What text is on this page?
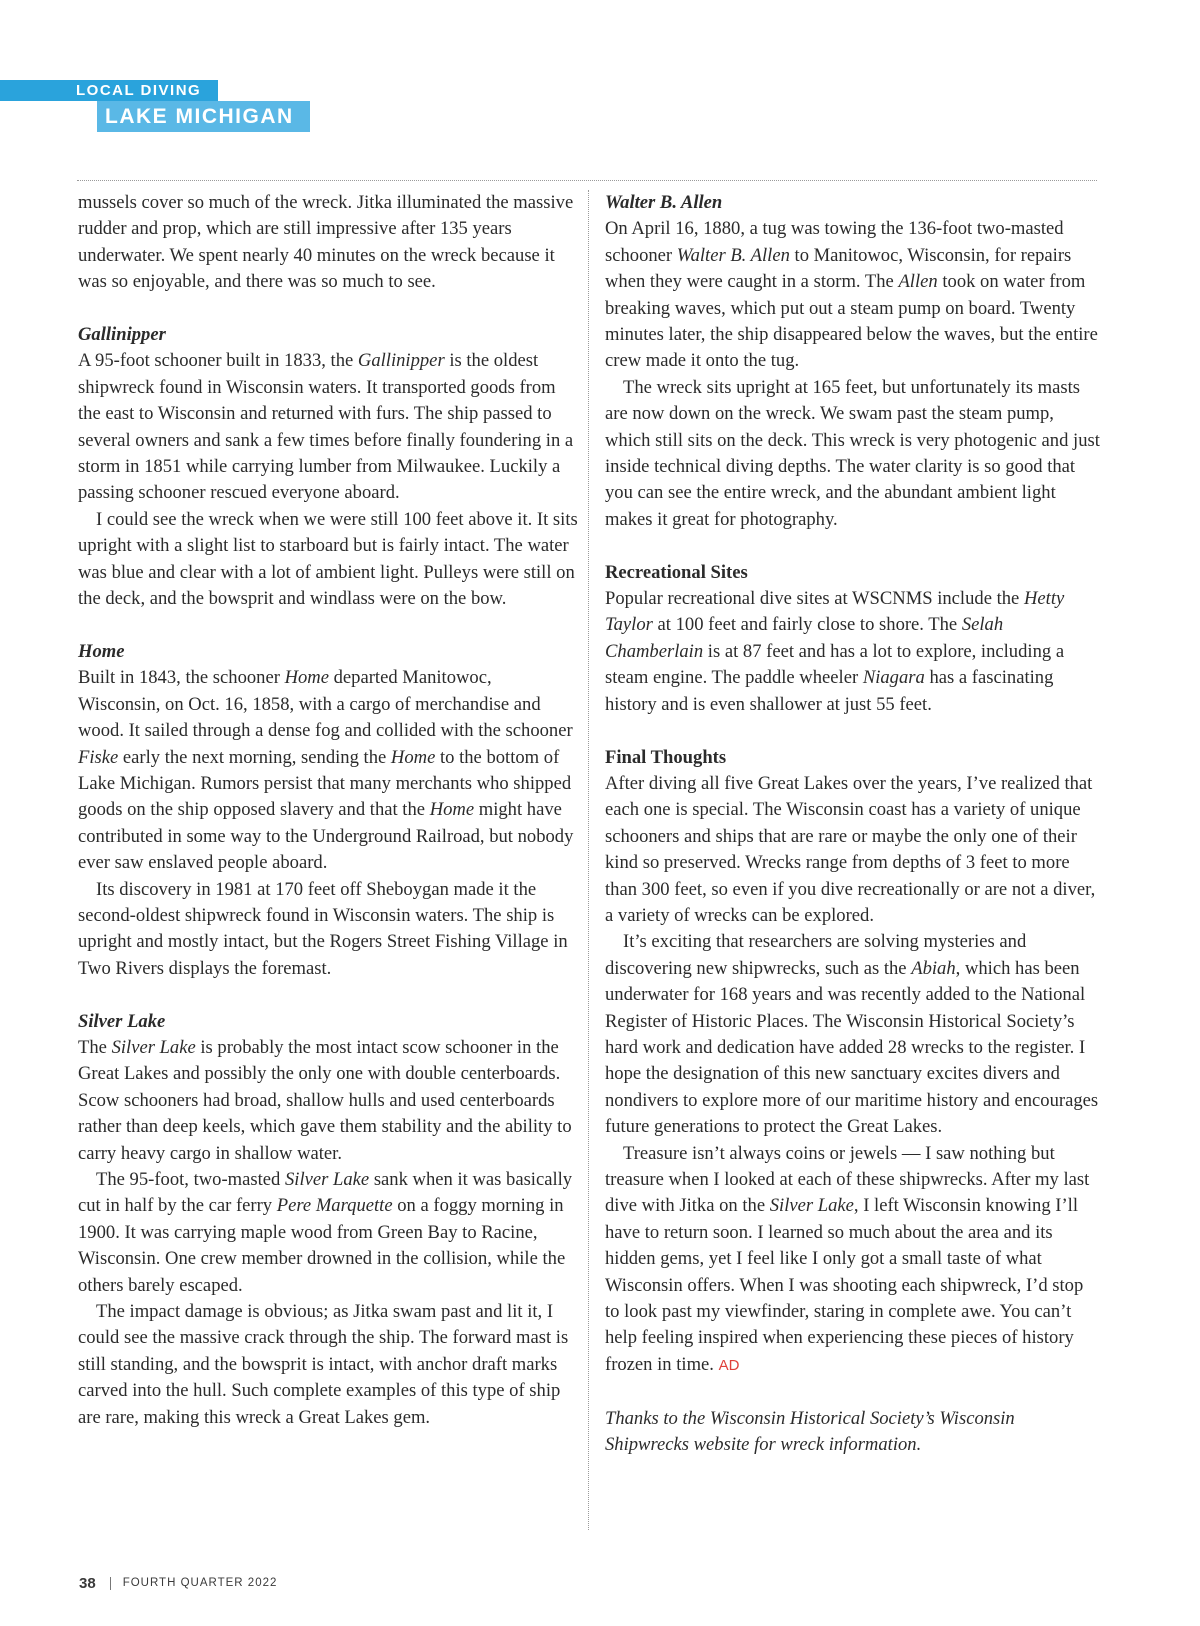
LOCAL DIVING
LAKE MICHIGAN

mussels cover so much of the wreck. Jitka illuminated the massive rudder and prop, which are still impressive after 135 years underwater. We spent nearly 40 minutes on the wreck because it was so enjoyable, and there was so much to see.

Gallinipper

A 95-foot schooner built in 1833, the Gallinipper is the oldest shipwreck found in Wisconsin waters. It transported goods from the east to Wisconsin and returned with furs. The ship passed to several owners and sank a few times before finally foundering in a storm in 1851 while carrying lumber from Milwaukee. Luckily a passing schooner rescued everyone aboard.

I could see the wreck when we were still 100 feet above it. It sits upright with a slight list to starboard but is fairly intact. The water was blue and clear with a lot of ambient light. Pulleys were still on the deck, and the bowsprit and windlass were on the bow.

Home

Built in 1843, the schooner Home departed Manitowoc, Wisconsin, on Oct. 16, 1858, with a cargo of merchandise and wood. It sailed through a dense fog and collided with the schooner Fiske early the next morning, sending the Home to the bottom of Lake Michigan. Rumors persist that many merchants who shipped goods on the ship opposed slavery and that the Home might have contributed in some way to the Underground Railroad, but nobody ever saw enslaved people aboard.

Its discovery in 1981 at 170 feet off Sheboygan made it the second-oldest shipwreck found in Wisconsin waters. The ship is upright and mostly intact, but the Rogers Street Fishing Village in Two Rivers displays the foremast.

Silver Lake

The Silver Lake is probably the most intact scow schooner in the Great Lakes and possibly the only one with double centerboards. Scow schooners had broad, shallow hulls and used centerboards rather than deep keels, which gave them stability and the ability to carry heavy cargo in shallow water.

The 95-foot, two-masted Silver Lake sank when it was basically cut in half by the car ferry Pere Marquette on a foggy morning in 1900. It was carrying maple wood from Green Bay to Racine, Wisconsin. One crew member drowned in the collision, while the others barely escaped.

The impact damage is obvious; as Jitka swam past and lit it, I could see the massive crack through the ship. The forward mast is still standing, and the bowsprit is intact, with anchor draft marks carved into the hull. Such complete examples of this type of ship are rare, making this wreck a Great Lakes gem.

Walter B. Allen

On April 16, 1880, a tug was towing the 136-foot two-masted schooner Walter B. Allen to Manitowoc, Wisconsin, for repairs when they were caught in a storm. The Allen took on water from breaking waves, which put out a steam pump on board. Twenty minutes later, the ship disappeared below the waves, but the entire crew made it onto the tug.

The wreck sits upright at 165 feet, but unfortunately its masts are now down on the wreck. We swam past the steam pump, which still sits on the deck. This wreck is very photogenic and just inside technical diving depths. The water clarity is so good that you can see the entire wreck, and the abundant ambient light makes it great for photography.

Recreational Sites

Popular recreational dive sites at WSCNMS include the Hetty Taylor at 100 feet and fairly close to shore. The Selah Chamberlain is at 87 feet and has a lot to explore, including a steam engine. The paddle wheeler Niagara has a fascinating history and is even shallower at just 55 feet.

Final Thoughts

After diving all five Great Lakes over the years, I’ve realized that each one is special. The Wisconsin coast has a variety of unique schooners and ships that are rare or maybe the only one of their kind so preserved. Wrecks range from depths of 3 feet to more than 300 feet, so even if you dive recreationally or are not a diver, a variety of wrecks can be explored.

It’s exciting that researchers are solving mysteries and discovering new shipwrecks, such as the Abiah, which has been underwater for 168 years and was recently added to the National Register of Historic Places. The Wisconsin Historical Society’s hard work and dedication have added 28 wrecks to the register. I hope the designation of this new sanctuary excites divers and nondivers to explore more of our maritime history and encourages future generations to protect the Great Lakes.

Treasure isn’t always coins or jewels — I saw nothing but treasure when I looked at each of these shipwrecks. After my last dive with Jitka on the Silver Lake, I left Wisconsin knowing I’ll have to return soon. I learned so much about the area and its hidden gems, yet I feel like I only got a small taste of what Wisconsin offers. When I was shooting each shipwreck, I’d stop to look past my viewfinder, staring in complete awe. You can’t help feeling inspired when experiencing these pieces of history frozen in time. AD

Thanks to the Wisconsin Historical Society’s Wisconsin Shipwrecks website for wreck information.

38 FOURTH QUARTER 2022
